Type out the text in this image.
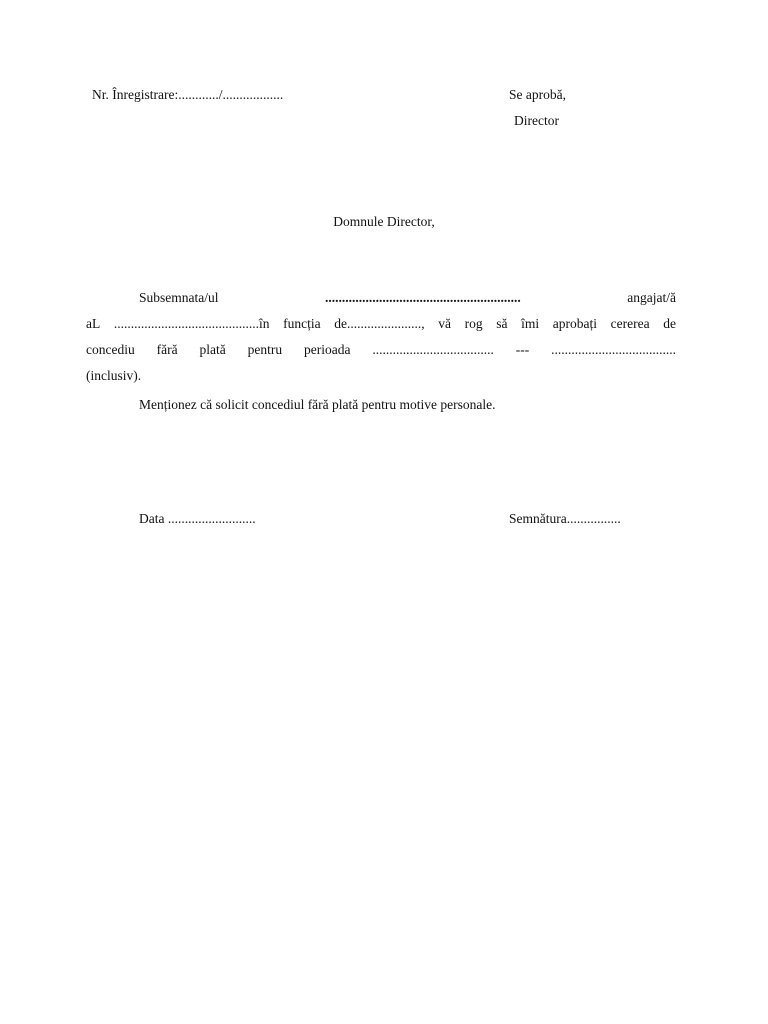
Nr. Înregistrare:............/..................	Se aprobă,
Director
Domnule Director,
Subsemnata/ul	..........................................................	angajat/ă
aL ...........................................în funcția de......................, vă rog să îmi aprobați cererea de
concediu fără plată pentru perioada .................................... --- .....................................
(inclusiv).
Menționez că solicit concediul fără plată pentru motive personale.
Data ..........................	Semnătura................
